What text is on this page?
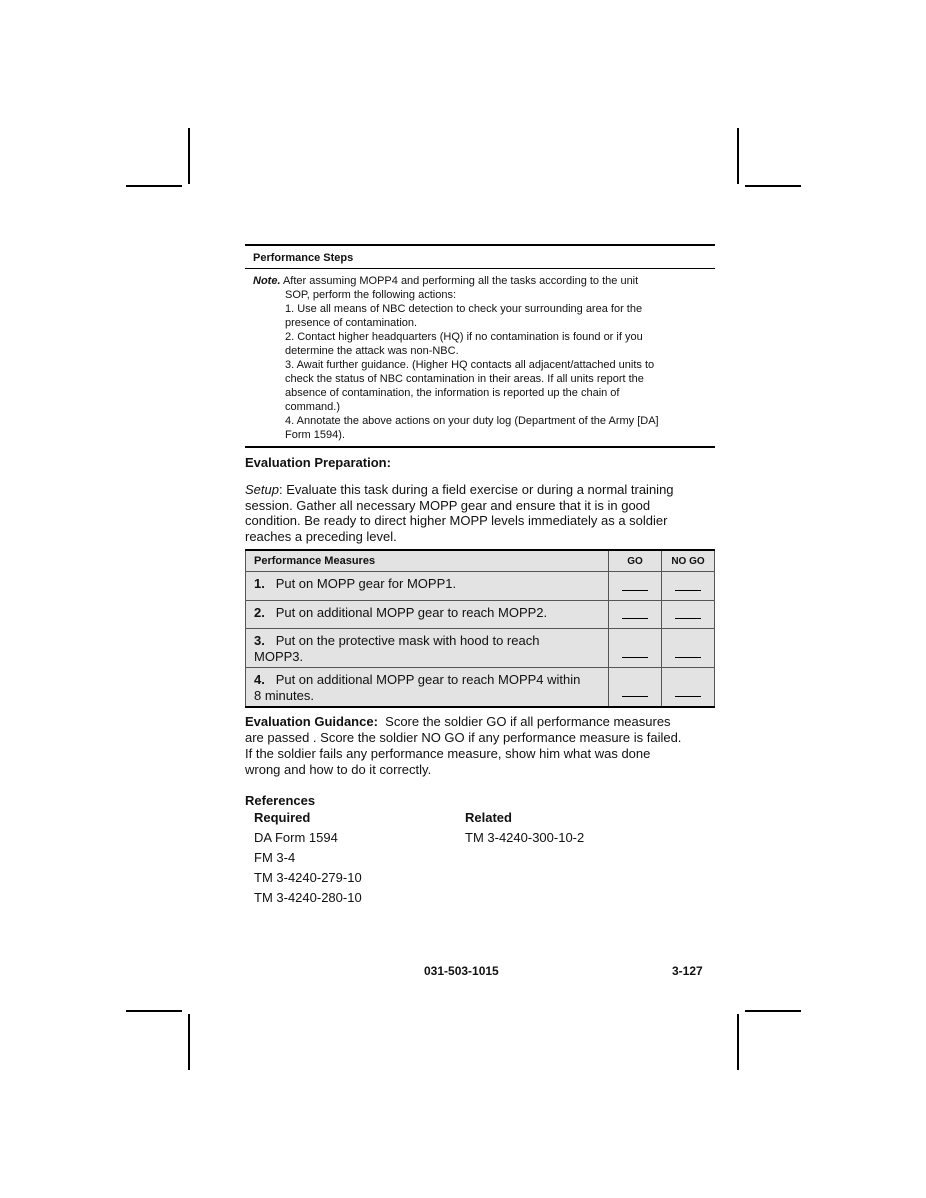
Performance Steps
Note. After assuming MOPP4 and performing all the tasks according to the unit
SOP, perform the following actions:
1. Use all means of NBC detection to check your surrounding area for the
presence of contamination.
2. Contact higher headquarters (HQ) if no contamination is found or if you
determine the attack was non-NBC.
3. Await further guidance. (Higher HQ contacts all adjacent/attached units to
check the status of NBC contamination in their areas. If all units report the
absence of contamination, the information is reported up the chain of
command.)
4. Annotate the above actions on your duty log (Department of the Army [DA]
Form 1594).
Evaluation Preparation:
Setup: Evaluate this task during a field exercise or during a normal training
session. Gather all necessary MOPP gear and ensure that it is in good
condition. Be ready to direct higher MOPP levels immediately as a soldier
reaches a preceding level.
Performance Measures	GO	NO GO
1. Put on MOPP gear for MOPP1.		
2. Put on additional MOPP gear to reach MOPP2.		

3. Put on the protective mask with hood to reach
MOPP3.		

4. Put on additional MOPP gear to reach MOPP4 within
8 minutes.		

Evaluation Guidance:  Score the soldier GO if all performance measures
are passed . Score the soldier NO GO if any performance measure is failed.
If the soldier fails any performance measure, show him what was done
wrong and how to do it correctly.
References
Required
DA Form 1594
FM 3-4
TM 3-4240-279-10
TM 3-4240-280-10
Related
TM 3-4240-300-10-2
031-503-1015	3-127
